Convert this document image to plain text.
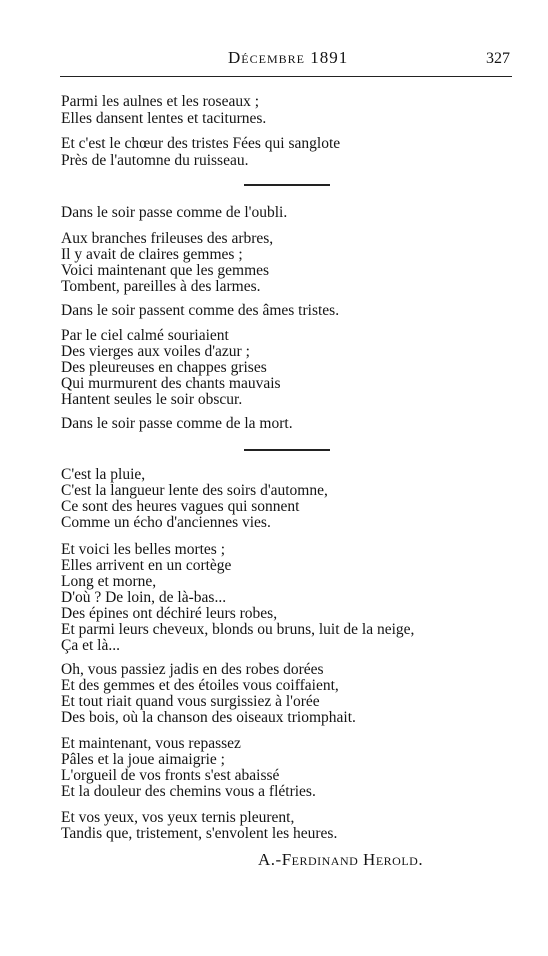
Décembre 1891	327
Parmi les aulnes et les roseaux ;
Elles dansent lentes et taciturnes.
Et c'est le chœur des tristes Fées qui sanglote
Près de l'automne du ruisseau.
Dans le soir passe comme de l'oubli.
Aux branches frileuses des arbres,
Il y avait de claires gemmes ;
Voici maintenant que les gemmes
Tombent, pareilles à des larmes.
Dans le soir passent comme des âmes tristes.
Par le ciel calmé souriaient
Des vierges aux voiles d'azur ;
Des pleureuses en chappes grises
Qui murmurent des chants mauvais
Hantent seules le soir obscur.
Dans le soir passe comme de la mort.
C'est la pluie,
C'est la langueur lente des soirs d'automne,
Ce sont des heures vagues qui sonnent
Comme un écho d'anciennes vies.
Et voici les belles mortes ;
Elles arrivent en un cortège
Long et morne,
D'où ? De loin, de là-bas...
Des épines ont déchiré leurs robes,
Et parmi leurs cheveux, blonds ou bruns, luit de la neige,
Ça et là...
Oh, vous passiez jadis en des robes dorées
Et des gemmes et des étoiles vous coiffaient,
Et tout riait quand vous surgissiez à l'orée
Des bois, où la chanson des oiseaux triomphait.
Et maintenant, vous repassez
Pâles et la joue aimaigrie ;
L'orgueil de vos fronts s'est abaissé
Et la douleur des chemins vous a flétries.
Et vos yeux, vos yeux ternis pleurent,
Tandis que, tristement, s'envolent les heures.
A.-Ferdinand Herold.
